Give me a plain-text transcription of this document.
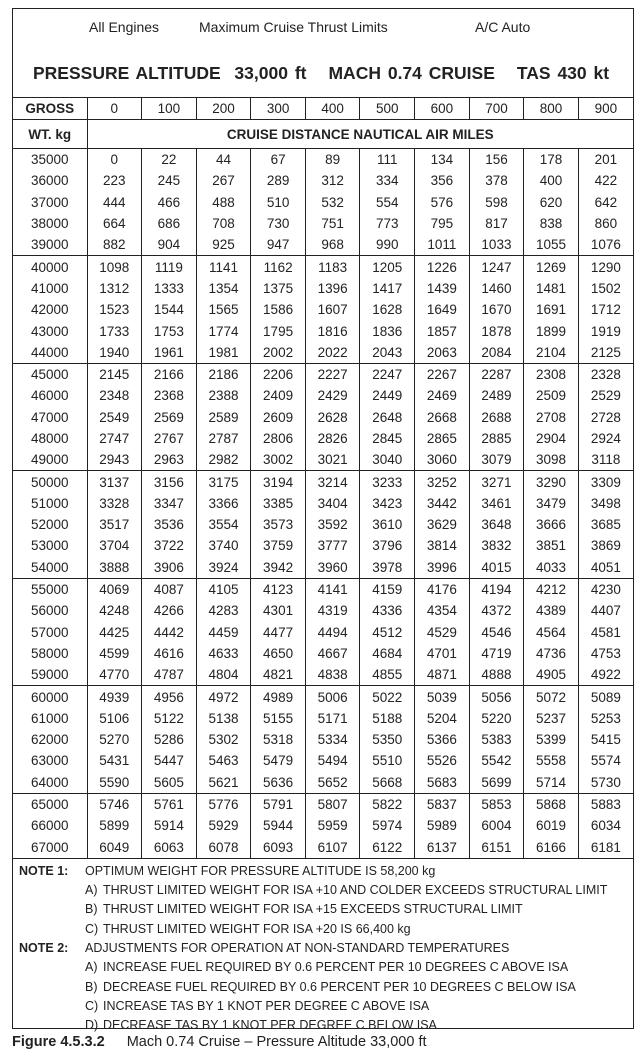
All Engines	Maximum Cruise Thrust Limits	A/C Auto
PRESSURE ALTITUDE  33,000 ft MACH 0.74 CRUISE TAS 430 kt
GROSS	0	100	200	300	400	500	600	700	800	900
WT. kg	CRUISE DISTANCE NAUTICAL AIR MILES									
35000	0	22	44	67	89	111	134	156	178	201
36000	223	245	267	289	312	334	356	378	400	422
37000	444	466	488	510	532	554	576	598	620	642
38000	664	686	708	730	751	773	795	817	838	860
39000	882	904	925	947	968	990	1011	1033	1055	1076
40000	1098	1119	1141	1162	1183	1205	1226	1247	1269	1290
41000	1312	1333	1354	1375	1396	1417	1439	1460	1481	1502
42000	1523	1544	1565	1586	1607	1628	1649	1670	1691	1712
43000	1733	1753	1774	1795	1816	1836	1857	1878	1899	1919
44000	1940	1961	1981	2002	2022	2043	2063	2084	2104	2125
45000	2145	2166	2186	2206	2227	2247	2267	2287	2308	2328
46000	2348	2368	2388	2409	2429	2449	2469	2489	2509	2529
47000	2549	2569	2589	2609	2628	2648	2668	2688	2708	2728
48000	2747	2767	2787	2806	2826	2845	2865	2885	2904	2924
49000	2943	2963	2982	3002	3021	3040	3060	3079	3098	3118
50000	3137	3156	3175	3194	3214	3233	3252	3271	3290	3309
51000	3328	3347	3366	3385	3404	3423	3442	3461	3479	3498
52000	3517	3536	3554	3573	3592	3610	3629	3648	3666	3685
53000	3704	3722	3740	3759	3777	3796	3814	3832	3851	3869
54000	3888	3906	3924	3942	3960	3978	3996	4015	4033	4051
55000	4069	4087	4105	4123	4141	4159	4176	4194	4212	4230
56000	4248	4266	4283	4301	4319	4336	4354	4372	4389	4407
57000	4425	4442	4459	4477	4494	4512	4529	4546	4564	4581
58000	4599	4616	4633	4650	4667	4684	4701	4719	4736	4753
59000	4770	4787	4804	4821	4838	4855	4871	4888	4905	4922
60000	4939	4956	4972	4989	5006	5022	5039	5056	5072	5089
61000	5106	5122	5138	5155	5171	5188	5204	5220	5237	5253
62000	5270	5286	5302	5318	5334	5350	5366	5383	5399	5415
63000	5431	5447	5463	5479	5494	5510	5526	5542	5558	5574
64000	5590	5605	5621	5636	5652	5668	5683	5699	5714	5730
65000	5746	5761	5776	5791	5807	5822	5837	5853	5868	5883
66000	5899	5914	5929	5944	5959	5974	5989	6004	6019	6034
67000	6049	6063	6078	6093	6107	6122	6137	6151	6166	6181
NOTE 1: OPTIMUM WEIGHT FOR PRESSURE ALTITUDE IS 58,200 kg
A) THRUST LIMITED WEIGHT FOR ISA +10 AND COLDER EXCEEDS STRUCTURAL LIMIT
B) THRUST LIMITED WEIGHT FOR ISA +15 EXCEEDS STRUCTURAL LIMIT
C) THRUST LIMITED WEIGHT FOR ISA +20 IS 66,400 kg
NOTE 2: ADJUSTMENTS FOR OPERATION AT NON-STANDARD TEMPERATURES
A) INCREASE FUEL REQUIRED BY 0.6 PERCENT PER 10 DEGREES C ABOVE ISA
B) DECREASE FUEL REQUIRED BY 0.6 PERCENT PER 10 DEGREES C BELOW ISA
C) INCREASE TAS BY 1 KNOT PER DEGREE C ABOVE ISA
D) DECREASE TAS BY 1 KNOT PER DEGREE C BELOW ISA
Figure 4.5.3.2 Mach 0.74 Cruise – Pressure Altitude 33,000 ft
